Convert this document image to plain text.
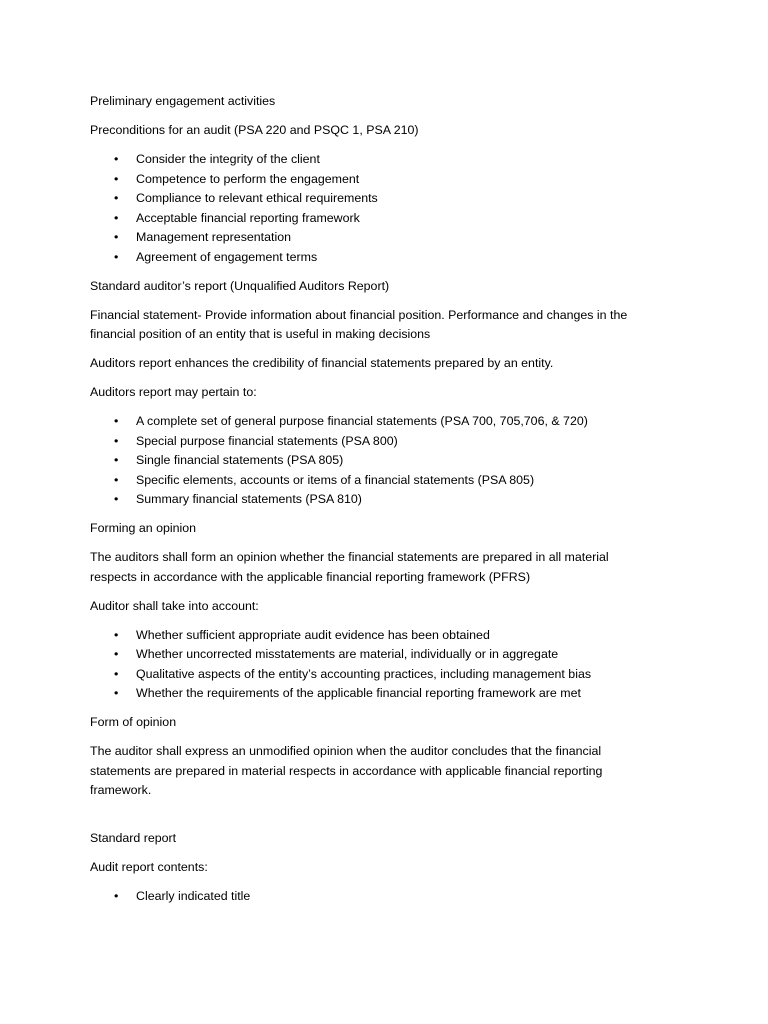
Preliminary engagement activities

Preconditions for an audit (PSA 220 and PSQC 1, PSA 210)

• Consider the integrity of the client
• Competence to perform the engagement
• Compliance to relevant ethical requirements
• Acceptable financial reporting framework
• Management representation
• Agreement of engagement terms

Standard auditor’s report (Unqualified Auditors Report)

Financial statement- Provide information about financial position. Performance and changes in the financial position of an entity that is useful in making decisions

Auditors report enhances the credibility of financial statements prepared by an entity.

Auditors report may pertain to:

• A complete set of general purpose financial statements (PSA 700, 705,706, & 720)
• Special purpose financial statements (PSA 800)
• Single financial statements (PSA 805)
• Specific elements, accounts or items of a financial statements (PSA 805)
• Summary financial statements (PSA 810)

Forming an opinion

The auditors shall form an opinion whether the financial statements are prepared in all material respects in accordance with the applicable financial reporting framework (PFRS)

Auditor shall take into account:

• Whether sufficient appropriate audit evidence has been obtained
• Whether uncorrected misstatements are material, individually or in aggregate
• Qualitative aspects of the entity’s accounting practices, including management bias
• Whether the requirements of the applicable financial reporting framework are met

Form of opinion

The auditor shall express an unmodified opinion when the auditor concludes that the financial statements are prepared in material respects in accordance with applicable financial reporting framework.

Standard report

Audit report contents:

• Clearly indicated title
